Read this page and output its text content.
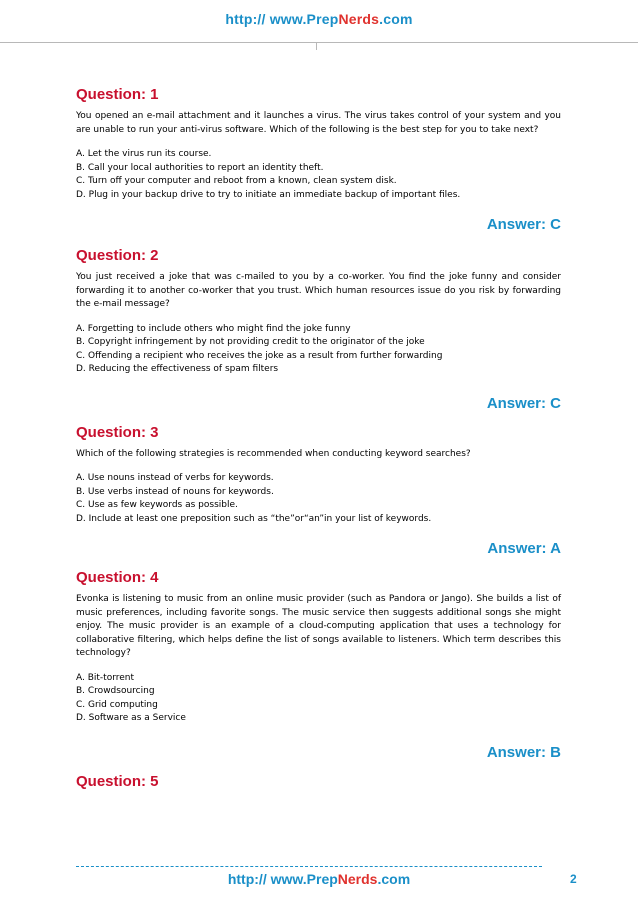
http:// www.PrepNerds.com
Question: 1
You opened an e-mail attachment and it launches a virus. The virus takes control of your system and you are unable to run your anti-virus software. Which of the following is the best step for you to take next?
A. Let the virus run its course.
B. Call your local authorities to report an identity theft.
C. Turn off your computer and reboot from a known, clean system disk.
D. Plug in your backup drive to try to initiate an immediate backup of important files.
Answer: C
Question: 2
You just received a joke that was c-mailed to you by a co-worker. You find the joke funny and consider forwarding it to another co-worker that you trust. Which human resources issue do you risk by forwarding the e-mail message?
A. Forgetting to include others who might find the joke funny
B. Copyright infringement by not providing credit to the originator of the joke
C. Offending a recipient who receives the joke as a result from further forwarding
D. Reducing the effectiveness of spam filters
Answer: C
Question: 3
Which of the following strategies is recommended when conducting keyword searches?
A. Use nouns instead of verbs for keywords.
B. Use verbs instead of nouns for keywords.
C. Use as few keywords as possible.
D. Include at least one preposition such as “the”or“an”in your list of keywords.
Answer: A
Question: 4
Evonka is listening to music from an online music provider (such as Pandora or Jango). She builds a list of music preferences, including favorite songs. The music service then suggests additional songs she might enjoy. The music provider is an example of a cloud-computing application that uses a technology for collaborative filtering, which helps define the list of songs available to listeners. Which term describes this technology?
A. Bit-torrent
B. Crowdsourcing
C. Grid computing
D. Software as a Service
Answer: B
Question: 5
http:// www.PrepNerds.com	2
